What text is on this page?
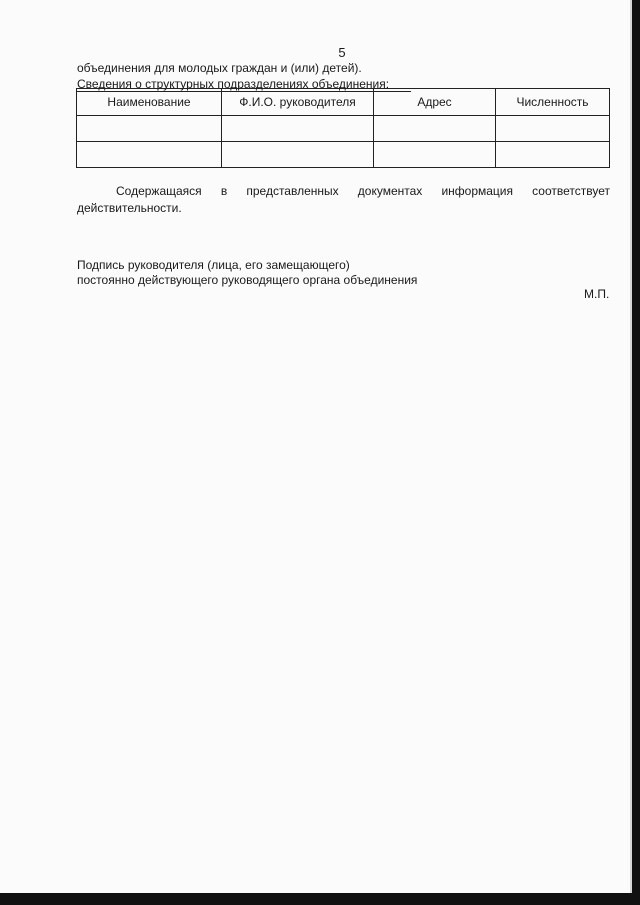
5
объединения для молодых граждан и (или) детей).
Сведения о структурных подразделениях объединения:
Наименование	Ф.И.О. руководителя	Адрес	Численность

Содержащаяся в представленных документах информация соответствует действительности.
Подпись руководителя (лица, его замещающего)
постоянно действующего руководящего органа объединения
М.П.
